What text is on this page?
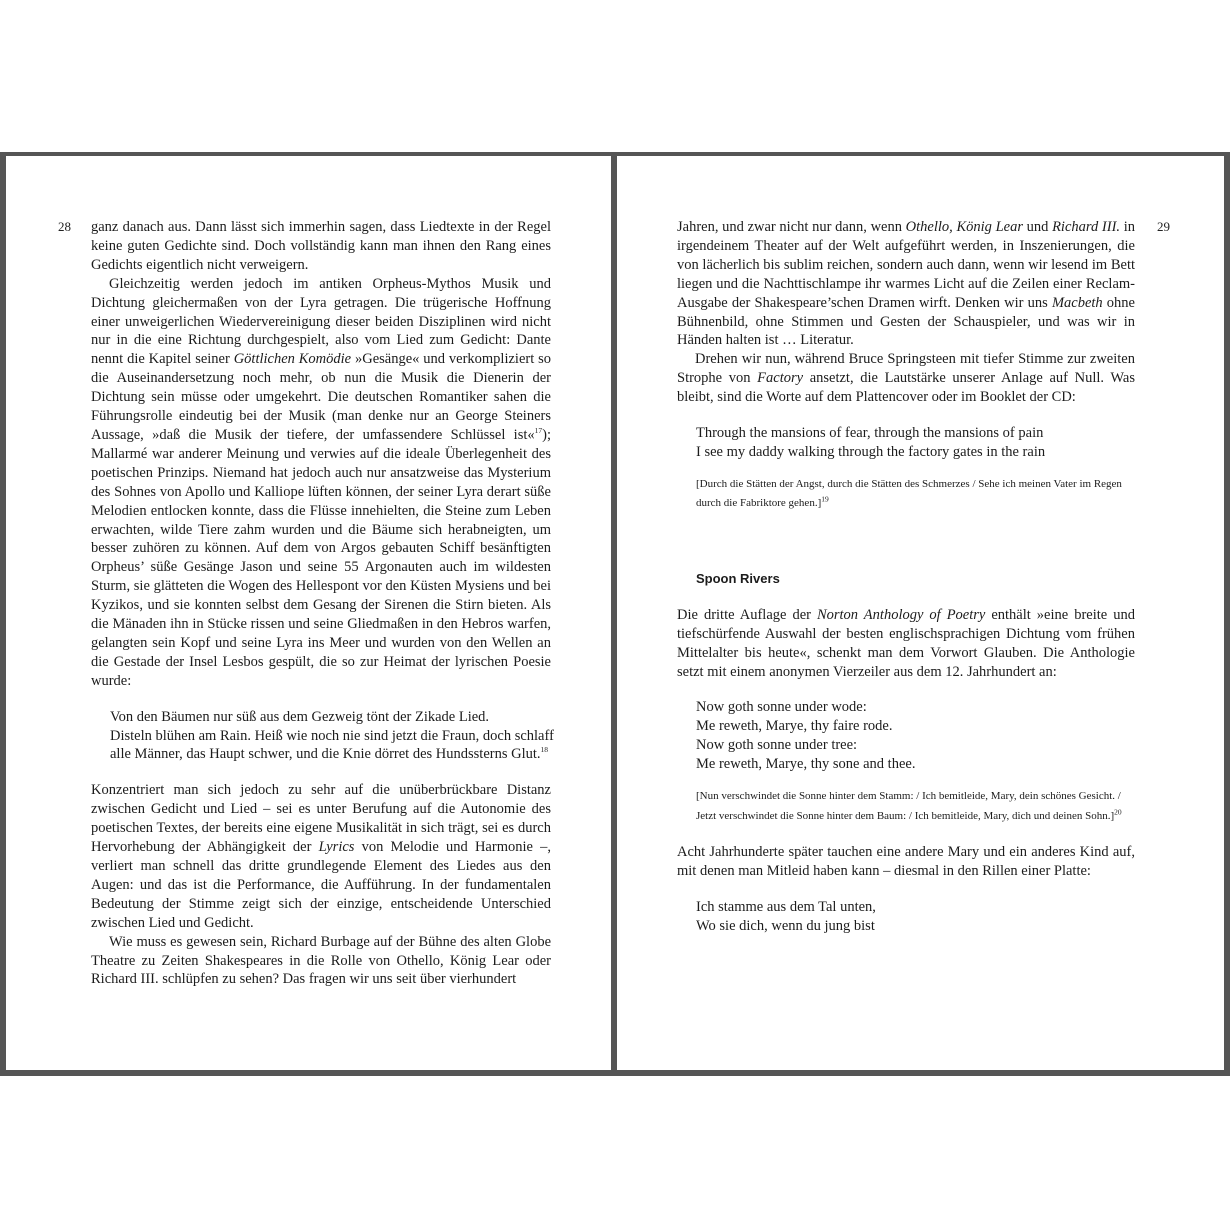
28 ganz danach aus. Dann lässt sich immerhin sagen, dass Liedtexte in der Regel keine guten Gedichte sind. Doch vollständig kann man ihnen den Rang eines Gedichts eigentlich nicht verweigern.

Gleichzeitig werden jedoch im antiken Orpheus-Mythos Musik und Dichtung gleichermaßen von der Lyra getragen. Die trügerische Hoffnung einer unweigerlichen Wiedervereinigung dieser beiden Disziplinen wird nicht nur in die eine Richtung durchgespielt, also vom Lied zum Gedicht: Dante nennt die Kapitel seiner Göttlichen Komödie »Gesänge« und verkompliziert so die Auseinandersetzung noch mehr, ob nun die Musik die Dienerin der Dichtung sein müsse oder umgekehrt. Die deutschen Romantiker sahen die Führungsrolle eindeutig bei der Musik (man denke nur an George Steiners Aussage, »daß die Musik der tiefere, der umfassendere Schlüssel ist«$^{17}$); Mallarmé war anderer Meinung und verwies auf die ideale Überlegenheit des poetischen Prinzips. Niemand hat jedoch auch nur ansatzweise das Mysterium des Sohnes von Apollo und Kalliope lüften können, der seiner Lyra derart süße Melodien entlocken konnte, dass die Flüsse innehielten, die Steine zum Leben erwachten, wilde Tiere zahm wurden und die Bäume sich herabneigten, um besser zuhören zu können. Auf dem von Argos gebauten Schiff besänftigten Orpheus’ süße Gesänge Jason und seine 55 Argonauten auch im wildesten Sturm, sie glätteten die Wogen des Hellespont vor den Küsten Mysiens und bei Kyzikos, und sie konnten selbst dem Gesang der Sirenen die Stirn bieten. Als die Mänaden ihn in Stücke rissen und seine Gliedmaßen in den Hebros warfen, gelangten sein Kopf und seine Lyra ins Meer und wurden von den Wellen an die Gestade der Insel Lesbos gespült, die so zur Heimat der lyrischen Poesie wurde:

Von den Bäumen nur süß aus dem Gezweig tönt der Zikade Lied.
Disteln blühen am Rain. Heiß wie noch nie sind jetzt die Fraun, doch schlaff
alle Männer, das Haupt schwer, und die Knie dörret des Hundssterns Glut.$^{18}$

Konzentriert man sich jedoch zu sehr auf die unüberbrückbare Distanz zwischen Gedicht und Lied – sei es unter Berufung auf die Autonomie des poetischen Textes, der bereits eine eigene Musikalität in sich trägt, sei es durch Hervorhebung der Abhängigkeit der Lyrics von Melodie und Harmonie –, verliert man schnell das dritte grundlegende Element des Liedes aus den Augen: und das ist die Performance, die Aufführung. In der fundamentalen Bedeutung der Stimme zeigt sich der einzige, entscheidende Unterschied zwischen Lied und Gedicht.

Wie muss es gewesen sein, Richard Burbage auf der Bühne des alten Globe Theatre zu Zeiten Shakespeares in die Rolle von Othello, König Lear oder Richard III. schlüpfen zu sehen? Das fragen wir uns seit über vierhundert

29

Jahren, und zwar nicht nur dann, wenn Othello, König Lear und Richard III. in irgendeinem Theater auf der Welt aufgeführt werden, in Inszenierungen, die von lächerlich bis sublim reichen, sondern auch dann, wenn wir lesend im Bett liegen und die Nachttischlampe ihr warmes Licht auf die Zeilen einer Reclam-Ausgabe der Shakespeare’schen Dramen wirft. Denken wir uns Macbeth ohne Bühnenbild, ohne Stimmen und Gesten der Schauspieler, und was wir in Händen halten ist … Literatur.

Drehen wir nun, während Bruce Springsteen mit tiefer Stimme zur zweiten Strophe von Factory ansetzt, die Lautstärke unserer Anlage auf Null. Was bleibt, sind die Worte auf dem Plattencover oder im Booklet der CD:

Through the mansions of fear, through the mansions of pain
I see my daddy walking through the factory gates in the rain

[Durch die Stätten der Angst, durch die Stätten des Schmerzes / Sehe ich meinen Vater im Regen durch die Fabriktore gehen.]$^{19}$

Spoon Rivers

Die dritte Auflage der Norton Anthology of Poetry enthält »eine breite und tiefschürfende Auswahl der besten englischsprachigen Dichtung vom frühen Mittelalter bis heute«, schenkt man dem Vorwort Glauben. Die Anthologie setzt mit einem anonymen Vierzeiler aus dem 12. Jahrhundert an:

Now goth sonne under wode:
Me reweth, Marye, thy faire rode.
Now goth sonne under tree:
Me reweth, Marye, thy sone and thee.

[Nun verschwindet die Sonne hinter dem Stamm: / Ich bemitleide, Mary, dein schönes Gesicht. / Jetzt verschwindet die Sonne hinter dem Baum: / Ich bemitleide, Mary, dich und deinen Sohn.]$^{20}$

Acht Jahrhunderte später tauchen eine andere Mary und ein anderes Kind auf, mit denen man Mitleid haben kann – diesmal in den Rillen einer Platte:

Ich stamme aus dem Tal unten,
Wo sie dich, wenn du jung bist
